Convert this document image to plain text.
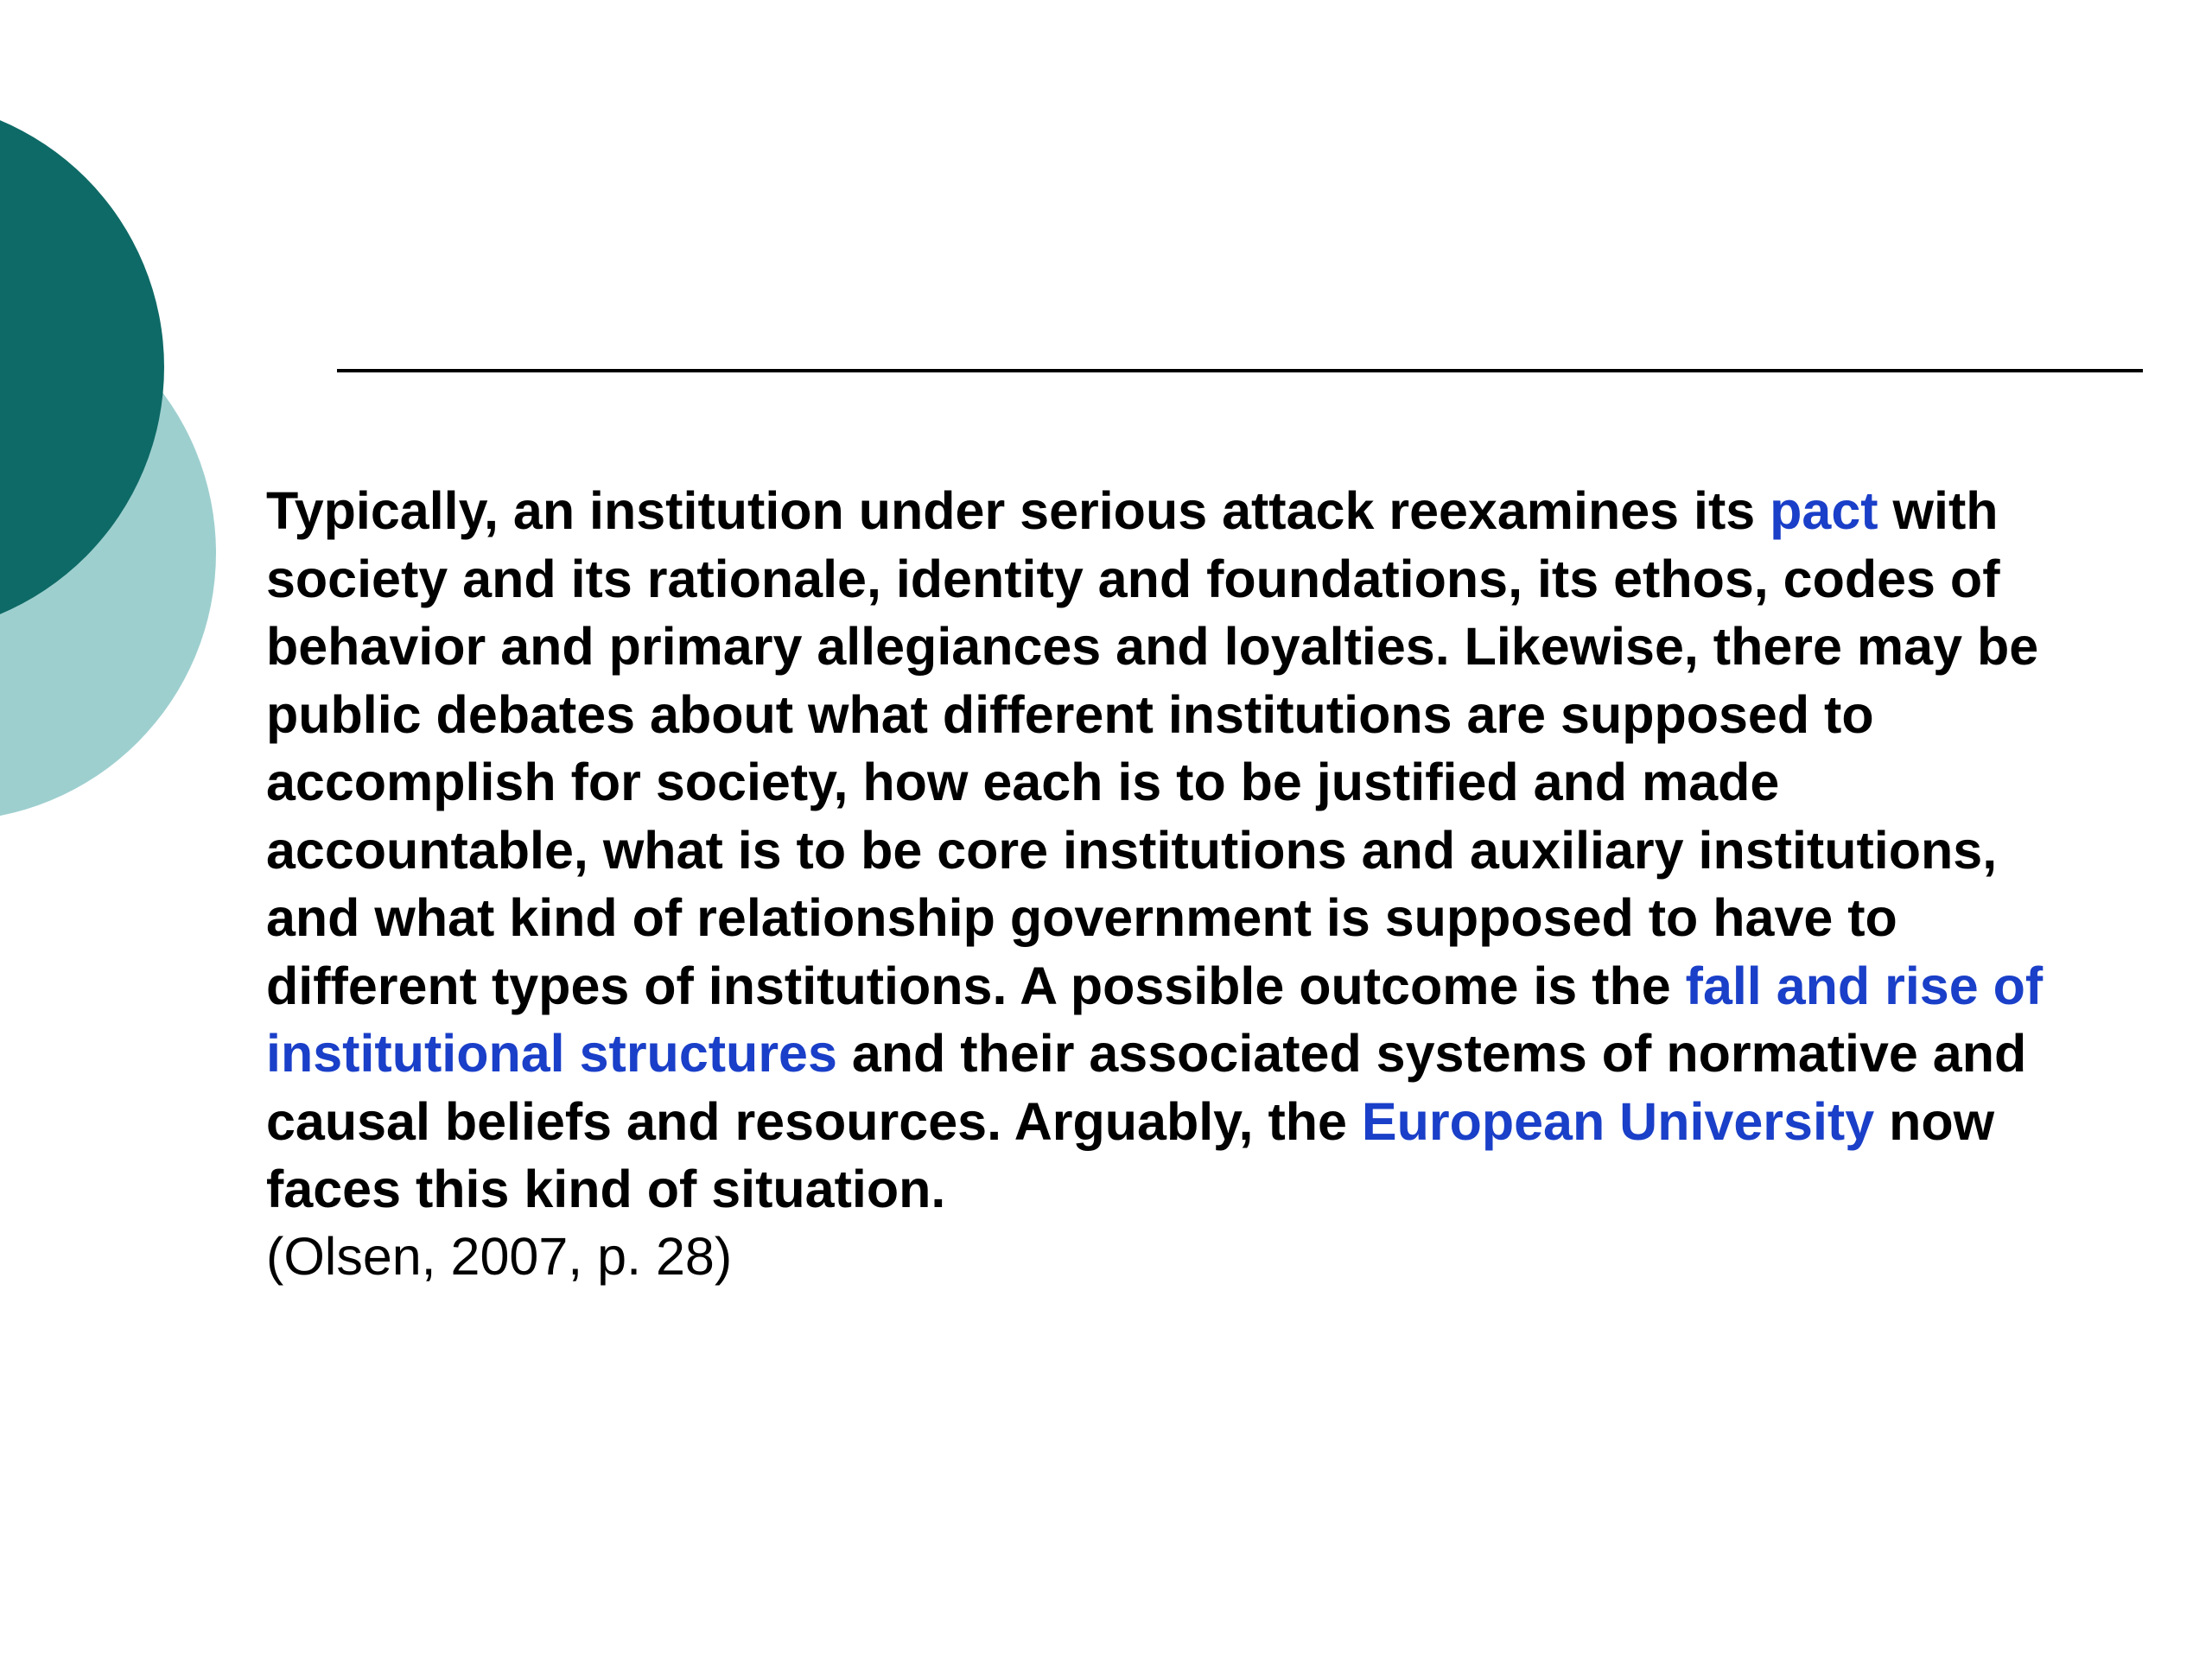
Typically, an institution under serious attack reexamines its pact with
society and its rationale, identity and foundations, its ethos, codes of
behavior and primary allegiances and loyalties. Likewise, there may be
public debates about what different institutions are supposed to
accomplish for society, how each is to be justified and made
accountable, what is to be core institutions and auxiliary institutions,
and what kind of relationship government is supposed to have to
different types of institutions. A possible outcome is the fall and rise of
institutional structures and their associated systems of normative and
causal beliefs and resources. Arguably, the European University now
faces this kind of situation.
(Olsen, 2007, p. 28)
